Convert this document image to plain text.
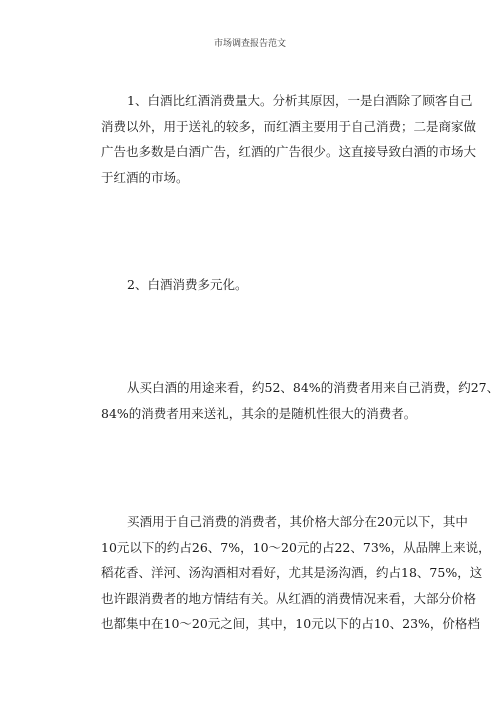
市场调查报告范文
1、白酒比红酒消费量大。分析其原因，一是白酒除了顾客自己
消费以外，用于送礼的较多，而红酒主要用于自己消费；二是商家做
广告也多数是白酒广告，红酒的广告很少。这直接导致白酒的市场大
于红酒的市场。
2、白酒消费多元化。
从买白酒的用途来看，约52、84%的消费者用来自己消费，约27、
84%的消费者用来送礼，其余的是随机性很大的消费者。
买酒用于自己消费的消费者，其价格大部分在20元以下，其中
10元以下的约占26、7%，10～20元的占22、73%，从品牌上来说，
稻花香、洋河、汤沟酒相对看好，尤其是汤沟酒，约占18、75%，这
也许跟消费者的地方情结有关。从红酒的消费情况来看，大部分价格
也都集中在10～20元之间，其中，10元以下的占10、23%，价格档
